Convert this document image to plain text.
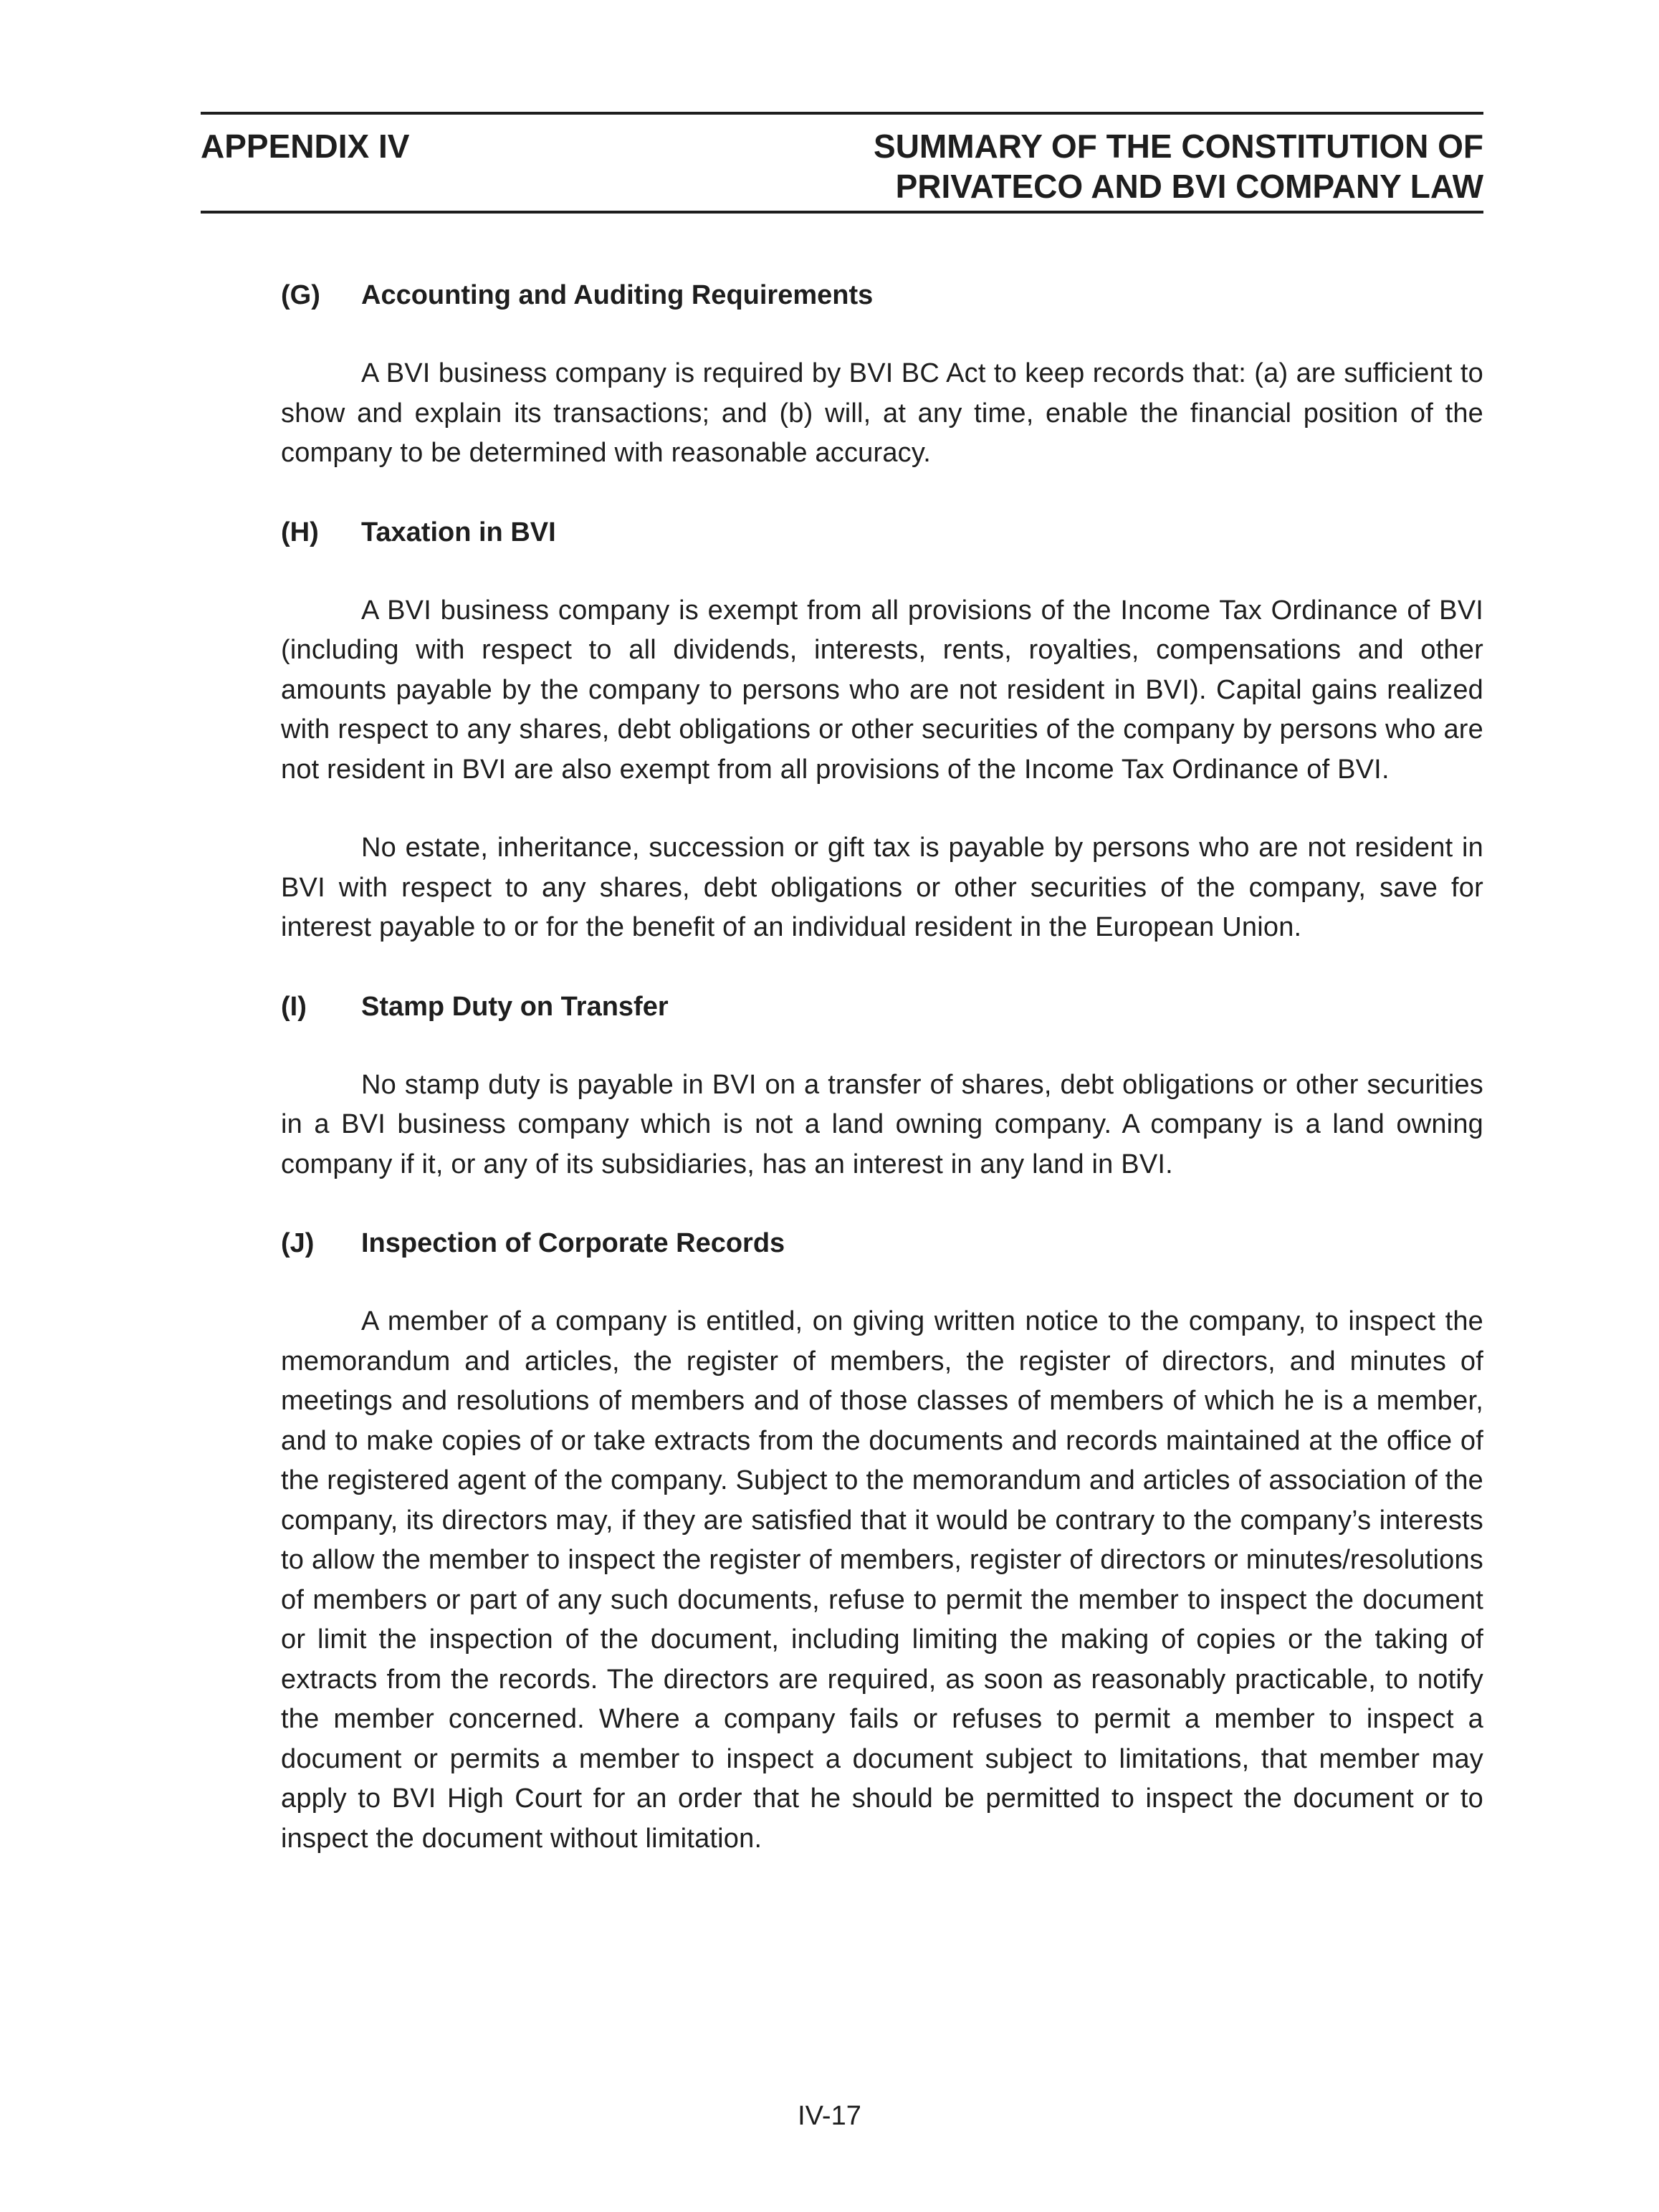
APPENDIX IV	SUMMARY OF THE CONSTITUTION OF
PRIVATECO AND BVI COMPANY LAW
(G)	Accounting and Auditing Requirements

A BVI business company is required by BVI BC Act to keep records that: (a) are sufficient to show and explain its transactions; and (b) will, at any time, enable the financial position of the company to be determined with reasonable accuracy.

(H)	Taxation in BVI

A BVI business company is exempt from all provisions of the Income Tax Ordinance of BVI (including with respect to all dividends, interests, rents, royalties, compensations and other amounts payable by the company to persons who are not resident in BVI). Capital gains realized with respect to any shares, debt obligations or other securities of the company by persons who are not resident in BVI are also exempt from all provisions of the Income Tax Ordinance of BVI.

No estate, inheritance, succession or gift tax is payable by persons who are not resident in BVI with respect to any shares, debt obligations or other securities of the company, save for interest payable to or for the benefit of an individual resident in the European Union.

(I)	Stamp Duty on Transfer

No stamp duty is payable in BVI on a transfer of shares, debt obligations or other securities in a BVI business company which is not a land owning company. A company is a land owning company if it, or any of its subsidiaries, has an interest in any land in BVI.

(J)	Inspection of Corporate Records

A member of a company is entitled, on giving written notice to the company, to inspect the memorandum and articles, the register of members, the register of directors, and minutes of meetings and resolutions of members and of those classes of members of which he is a member, and to make copies of or take extracts from the documents and records maintained at the office of the registered agent of the company. Subject to the memorandum and articles of association of the company, its directors may, if they are satisfied that it would be contrary to the company’s interests to allow the member to inspect the register of members, register of directors or minutes/resolutions of members or part of any such documents, refuse to permit the member to inspect the document or limit the inspection of the document, including limiting the making of copies or the taking of extracts from the records. The directors are required, as soon as reasonably practicable, to notify the member concerned. Where a company fails or refuses to permit a member to inspect a document or permits a member to inspect a document subject to limitations, that member may apply to BVI High Court for an order that he should be permitted to inspect the document or to inspect the document without limitation.

IV-17
